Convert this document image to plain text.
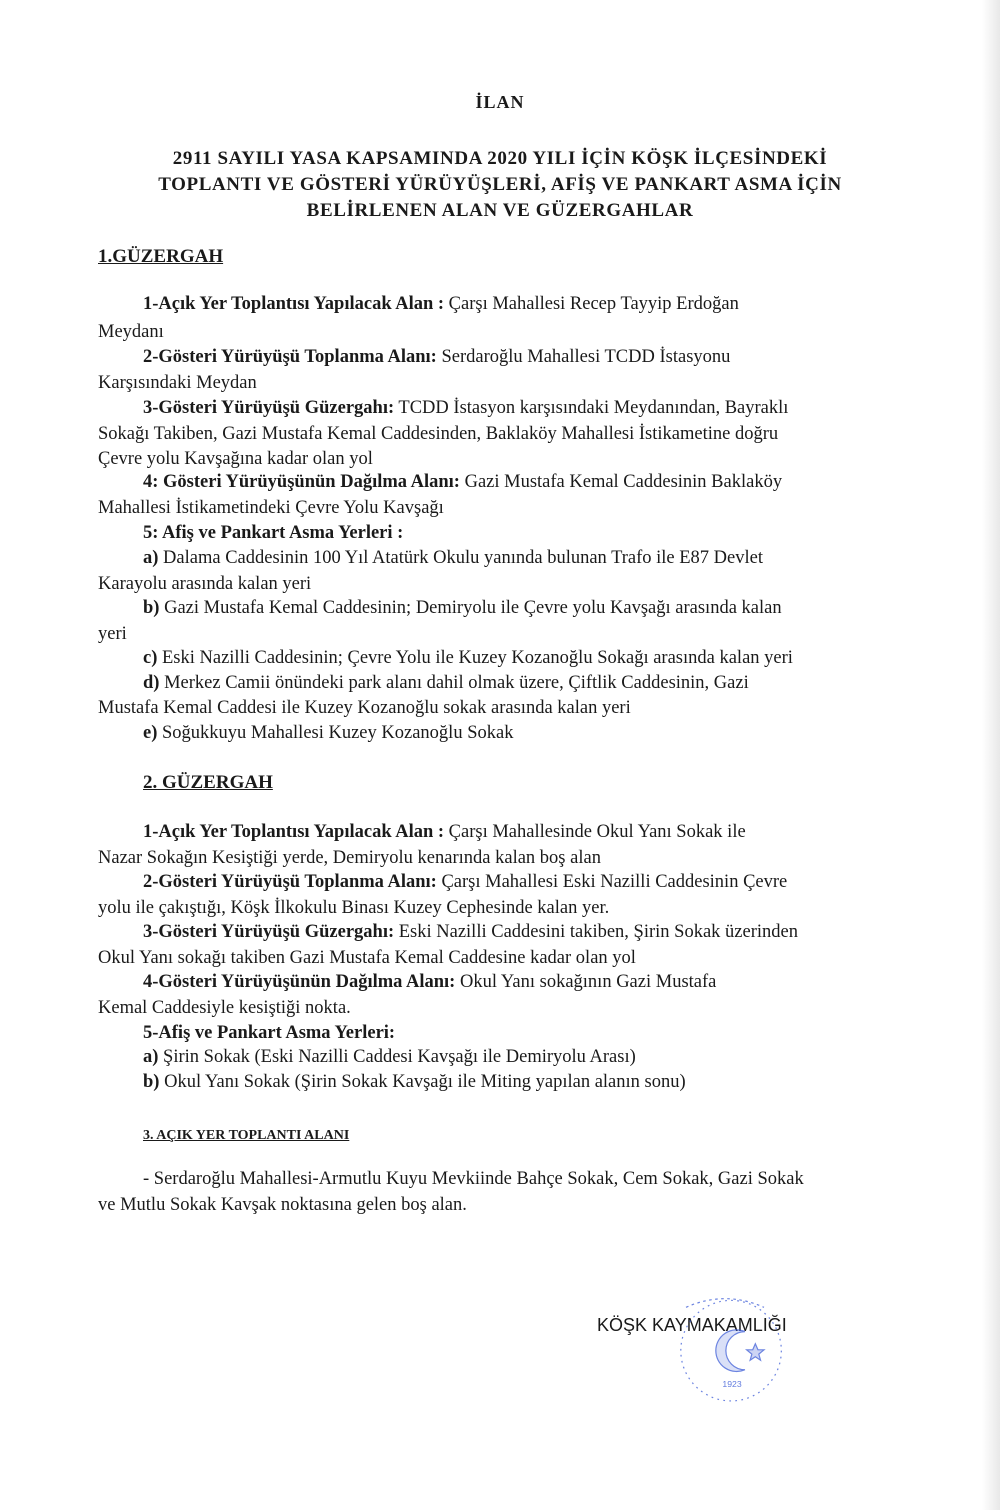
İLAN
2911 SAYILI YASA KAPSAMINDA 2020 YILI İÇİN KÖŞK İLÇESİNDEKİ
TOPLANTI VE GÖSTERİ YÜRÜYÜŞLERİ, AFİŞ VE PANKART ASMA İÇİN
BELİRLENEN ALAN VE GÜZERGAHLAR
1.GÜZERGAH
1-Açık Yer Toplantısı Yapılacak Alan : Çarşı Mahallesi Recep Tayyip Erdoğan
Meydanı
2-Gösteri Yürüyüşü Toplanma Alanı: Serdaroğlu Mahallesi TCDD İstasyonu
Karşısındaki Meydan
3-Gösteri Yürüyüşü Güzergahı: TCDD İstasyon karşısındaki Meydanından, Bayraklı
Sokağı Takiben, Gazi Mustafa Kemal Caddesinden, Baklaköy Mahallesi İstikametine doğru
Çevre yolu Kavşağına kadar olan yol
4: Gösteri Yürüyüşünün Dağılma Alanı: Gazi Mustafa Kemal Caddesinin Baklaköy
Mahallesi İstikametindeki Çevre Yolu Kavşağı
5: Afiş ve Pankart Asma Yerleri :
a) Dalama Caddesinin 100 Yıl Atatürk Okulu yanında bulunan Trafo ile E87 Devlet
Karayolu arasında kalan yeri
b) Gazi Mustafa Kemal Caddesinin; Demiryolu ile Çevre yolu Kavşağı arasında kalan
yeri
c) Eski Nazilli Caddesinin; Çevre Yolu ile Kuzey Kozanoğlu Sokağı arasında kalan yeri
d) Merkez Camii önündeki park alanı dahil olmak üzere, Çiftlik Caddesinin, Gazi
Mustafa Kemal Caddesi ile Kuzey Kozanoğlu sokak arasında kalan yeri
e) Soğukkuyu Mahallesi Kuzey Kozanoğlu Sokak
2. GÜZERGAH
1-Açık Yer Toplantısı Yapılacak Alan : Çarşı Mahallesinde Okul Yanı Sokak ile
Nazar Sokağın Kesiştiği yerde, Demiryolu kenarında kalan boş alan
2-Gösteri Yürüyüşü Toplanma Alanı: Çarşı Mahallesi Eski Nazilli Caddesinin Çevre
yolu ile çakıştığı, Köşk İlkokulu Binası Kuzey Cephesinde kalan yer.
3-Gösteri Yürüyüşü Güzergahı: Eski Nazilli Caddesini takiben, Şirin Sokak üzerinden
Okul Yanı sokağı takiben Gazi Mustafa Kemal Caddesine kadar olan yol
4-Gösteri Yürüyüşünün Dağılma Alanı: Okul Yanı sokağının Gazi Mustafa
Kemal Caddesiyle kesiştiği nokta.
5-Afiş ve Pankart Asma Yerleri:
a) Şirin Sokak (Eski Nazilli Caddesi Kavşağı ile Demiryolu Arası)
b) Okul Yanı Sokak (Şirin Sokak Kavşağı ile Miting yapılan alanın sonu)
3. AÇIK YER TOPLANTI ALANI
- Serdaroğlu Mahallesi-Armutlu Kuyu Mevkiinde Bahçe Sokak, Cem Sokak, Gazi Sokak
ve Mutlu Sokak Kavşak noktasına gelen boş alan.
KÖŞK KAYMAKAMLIĞI
1923
